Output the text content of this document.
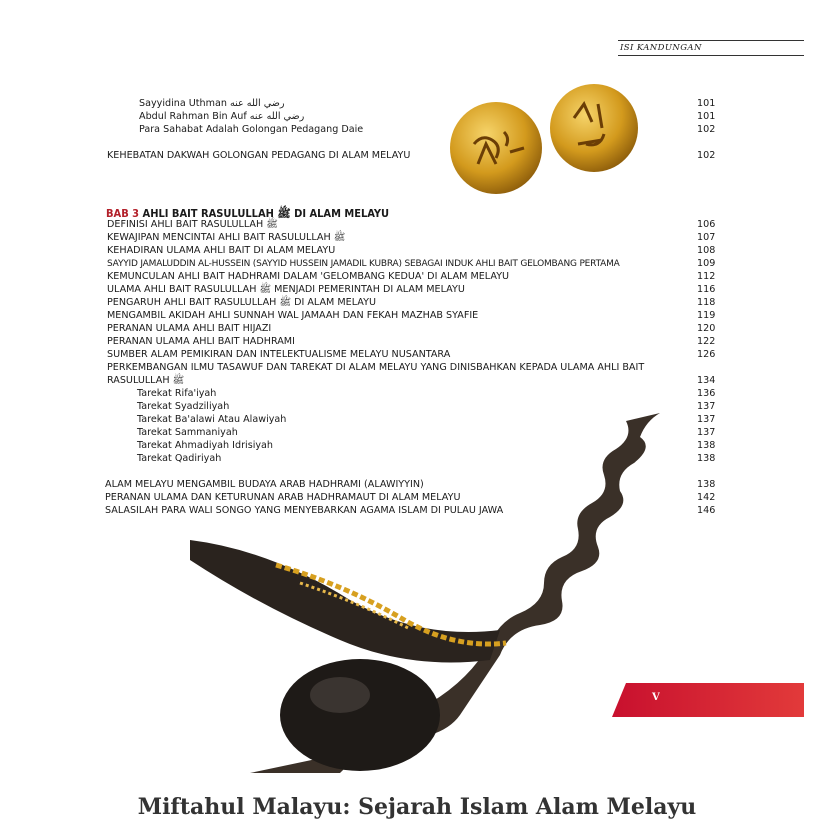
ISI KANDUNGAN
Sayyidina Uthman رضي الله عنه	101
Abdul Rahman Bin Auf رضي الله عنه	101
Para Sahabat Adalah Golongan Pedagang Daie	102
KEHEBATAN DAKWAH GOLONGAN PEDAGANG DI ALAM MELAYU	102
BAB 3 AHLI BAIT RASULULLAH ﷺ DI ALAM MELAYU
DEFINISI AHLI BAIT RASULULLAH ﷺ	106
KEWAJIPAN MENCINTAI AHLI BAIT RASULULLAH ﷺ	107
KEHADIRAN ULAMA AHLI BAIT DI ALAM MELAYU	108
SAYYID JAMALUDDIN AL-HUSSEIN (SAYYID HUSSEIN JAMADIL KUBRA) SEBAGAI INDUK AHLI BAIT GELOMBANG PERTAMA	109
KEMUNCULAN AHLI BAIT HADHRAMI DALAM 'GELOMBANG KEDUA' DI ALAM MELAYU	112
ULAMA AHLI BAIT RASULULLAH ﷺ MENJADI PEMERINTAH DI ALAM MELAYU	116
PENGARUH AHLI BAIT RASULULLAH ﷺ DI ALAM MELAYU	118
MENGAMBIL AKIDAH AHLI SUNNAH WAL JAMAAH DAN FEKAH MAZHAB SYAFIE	119
PERANAN ULAMA AHLI BAIT HIJAZI	120
PERANAN ULAMA AHLI BAIT HADHRAMI	122
SUMBER ALAM PEMIKIRAN DAN INTELEKTUALISME MELAYU NUSANTARA	126
PERKEMBANGAN ILMU TASAWUF DAN TAREKAT DI ALAM MELAYU YANG DINISBAHKAN KEPADA ULAMA AHLI BAIT
RASULULLAH ﷺ	134
Tarekat Rifa'iyah	136
Tarekat Syadziliyah	137
Tarekat Ba'alawi Atau Alawiyah	137
Tarekat Sammaniyah	137
Tarekat Ahmadiyah Idrisiyah	138
Tarekat Qadiriyah	138
ALAM MELAYU MENGAMBIL BUDAYA ARAB HADHRAMI (ALAWIYYIN)	138
PERANAN ULAMA DAN KETURUNAN ARAB HADHRAMAUT DI ALAM MELAYU	142
SALASILAH PARA WALI SONGO YANG MENYEBARKAN AGAMA ISLAM DI PULAU JAWA	146
V
Miftahul Malayu: Sejarah Islam Alam Melayu
